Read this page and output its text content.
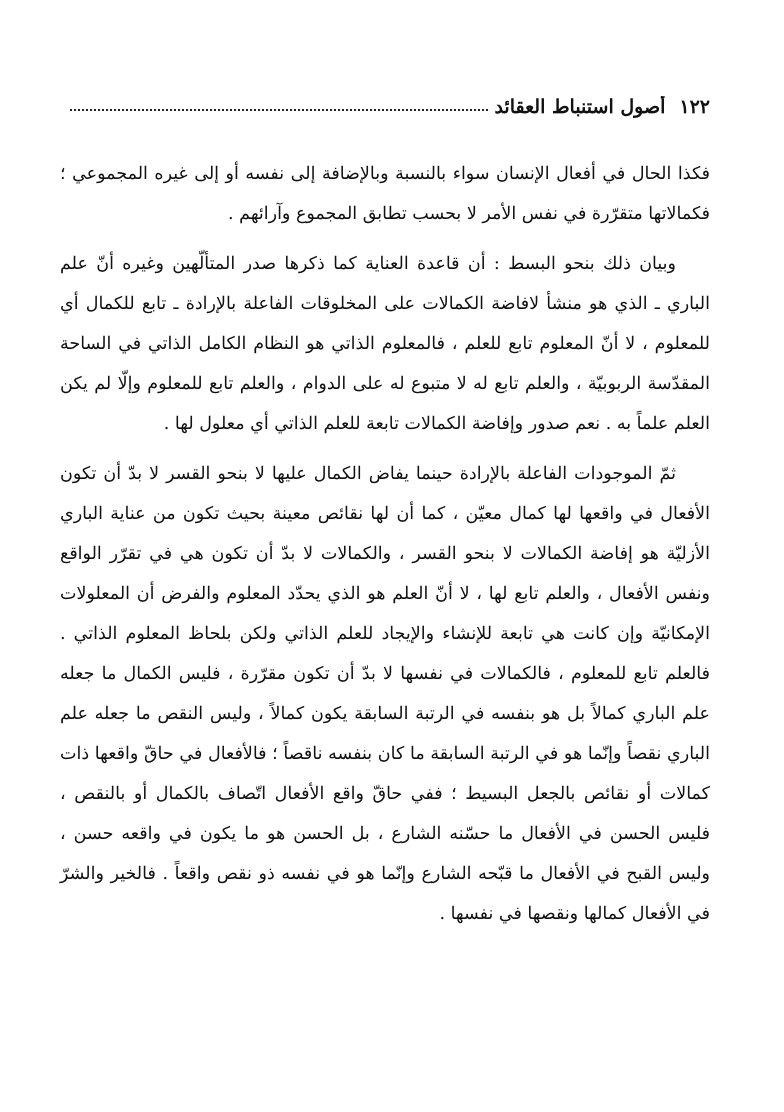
١٢٢
أصول استنباط العقائد

فكذا الحال في أفعال الإنسان سواء بالنسبة وبالإضافة إلى نفسه أو إلى غيره المجموعي ؛ فكمالاتها متقرّرة في نفس الأمر لا بحسب تطابق المجموع وآرائهم .

وبيان ذلك بنحو البسط : أن قاعدة العناية كما ذكرها صدر المتألّهين وغيره أنّ علم الباري ـ الذي هو منشأ لافاضة الكمالات على المخلوقات الفاعلة بالإرادة ـ تابع للكمال أي للمعلوم ، لا أنّ المعلوم تابع للعلم ، فالمعلوم الذاتي هو النظام الكامل الذاتي في الساحة المقدّسة الربوبيّة ، والعلم تابع له لا متبوع له على الدوام ، والعلم تابع للمعلوم وإلّا لم يكن العلم علماً به . نعم صدور وإفاضة الكمالات تابعة للعلم الذاتي أي معلول لها .

ثمّ الموجودات الفاعلة بالإرادة حينما يفاض الكمال عليها لا بنحو القسر لا بدّ أن تكون الأفعال في واقعها لها كمال معيّن ، كما أن لها نقائص معينة بحيث تكون من عناية الباري الأزليّة هو إفاضة الكمالات لا بنحو القسر ، والكمالات لا بدّ أن تكون هي في تقرّر الواقع ونفس الأفعال ، والعلم تابع لها ، لا أنّ العلم هو الذي يحدّد المعلوم والفرض أن المعلولات الإمكانيّة وإن كانت هي تابعة للإنشاء والإيجاد للعلم الذاتي ولكن بلحاظ المعلوم الذاتي . فالعلم تابع للمعلوم ، فالكمالات في نفسها لا بدّ أن تكون مقرّرة ، فليس الكمال ما جعله علم الباري كمالاً بل هو بنفسه في الرتبة السابقة يكون كمالاً ، وليس النقص ما جعله علم الباري نقصاً وإنّما هو في الرتبة السابقة ما كان بنفسه ناقصاً ؛ فالأفعال في حاقّ واقعها ذات كمالات أو نقائص بالجعل البسيط ؛ ففي حاقّ واقع الأفعال اتّصاف بالكمال أو بالنقص ، فليس الحسن في الأفعال ما حسّنه الشارع ، بل الحسن هو ما يكون في واقعه حسن ، وليس القبح في الأفعال ما قبّحه الشارع وإنّما هو في نفسه ذو نقص واقعاً . فالخير والشرّ في الأفعال كمالها ونقصها في نفسها .
